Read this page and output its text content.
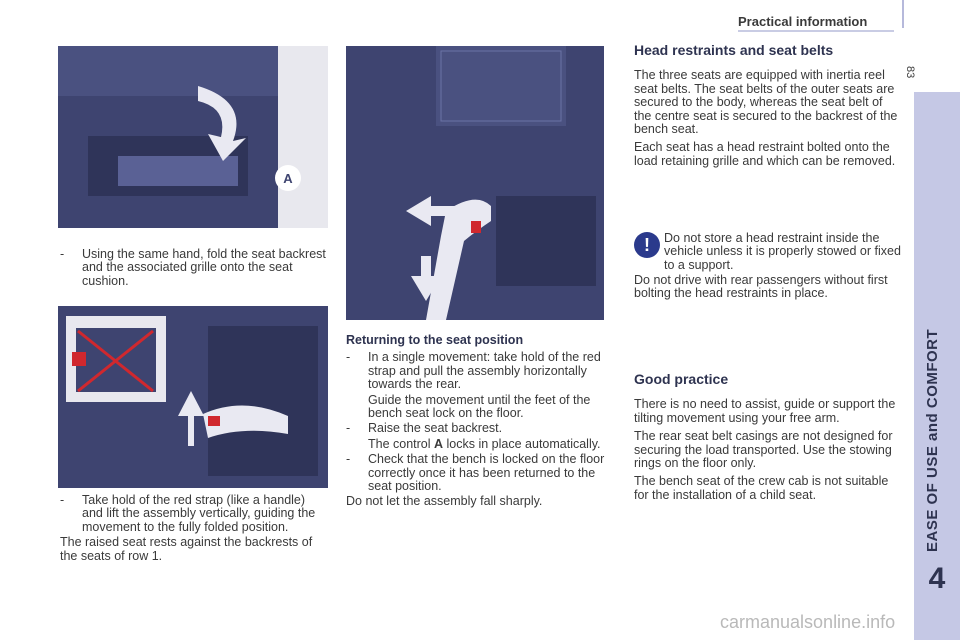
Practical information
83
EASE OF USE and COMFORT
4
A
- Using the same hand, fold the seat backrest and the associated grille onto the seat cushion.
- Take hold of the red strap (like a handle) and lift the assembly vertically, guiding the movement to the fully folded position.

The raised seat rests against the backrests of the seats of row 1.

Returning to the seat position
- In a single movement: take hold of the red strap and pull the assembly horizontally towards the rear.
Guide the movement until the feet of the bench seat lock on the floor.
- Raise the seat backrest.
The control A locks in place automatically.
- Check that the bench is locked on the floor correctly once it has been returned to the seat position.

Do not let the assembly fall sharply.

Head restraints and seat belts

The three seats are equipped with inertia reel seat belts. The seat belts of the outer seats are secured to the body, whereas the seat belt of the centre seat is secured to the backrest of the bench seat.

Each seat has a head restraint bolted onto the load retaining grille and which can be removed.

!	Do not store a head restraint inside the vehicle unless it is properly stowed or fixed to a support.
Do not drive with rear passengers without first bolting the head restraints in place.
Good practice

There is no need to assist, guide or support the tilting movement using your free arm.

The rear seat belt casings are not designed for securing the load transported. Use the stowing rings on the floor only.

The bench seat of the crew cab is not suitable for the installation of a child seat.

carmanualsonline.info
